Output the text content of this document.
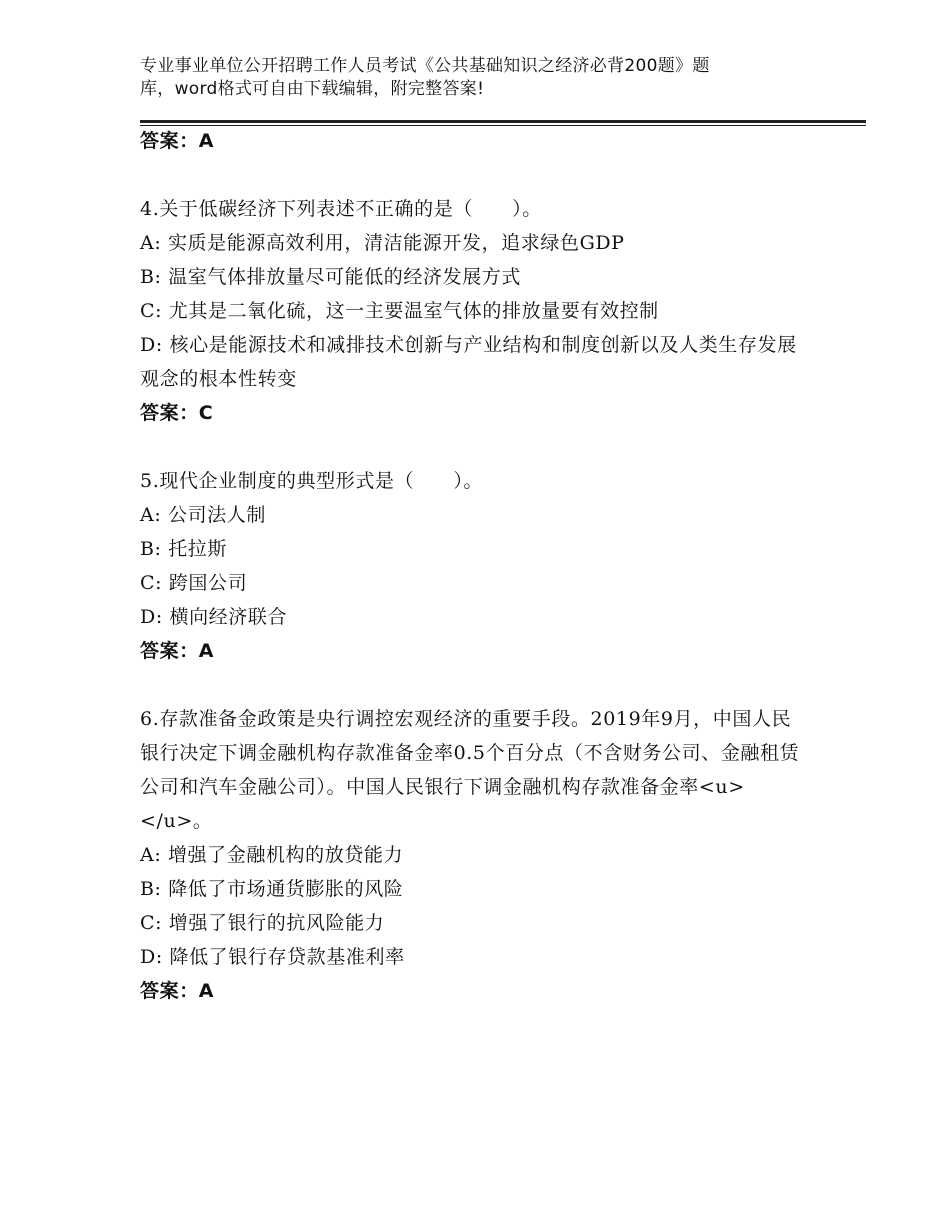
专业事业单位公开招聘工作人员考试《公共基础知识之经济必背200题》题
库，word格式可自由下载编辑，附完整答案!
答案：A
4.关于低碳经济下列表述不正确的是（　　）。
A: 实质是能源高效利用，清洁能源开发，追求绿色GDP
B: 温室气体排放量尽可能低的经济发展方式
C: 尤其是二氧化硫，这一主要温室气体的排放量要有效控制
D: 核心是能源技术和减排技术创新与产业结构和制度创新以及人类生存发展观念的根本性转变
答案：C
5.现代企业制度的典型形式是（　　）。
A: 公司法人制
B: 托拉斯
C: 跨国公司
D: 横向经济联合
答案：A
6.存款准备金政策是央行调控宏观经济的重要手段。2019年9月，中国人民银行决定下调金融机构存款准备金率0.5个百分点（不含财务公司、金融租赁公司和汽车金融公司）。中国人民银行下调金融机构存款准备金率<u>　　　　　　</u>。
A: 增强了金融机构的放贷能力
B: 降低了市场通货膨胀的风险
C: 增强了银行的抗风险能力
D: 降低了银行存贷款基准利率
答案：A
